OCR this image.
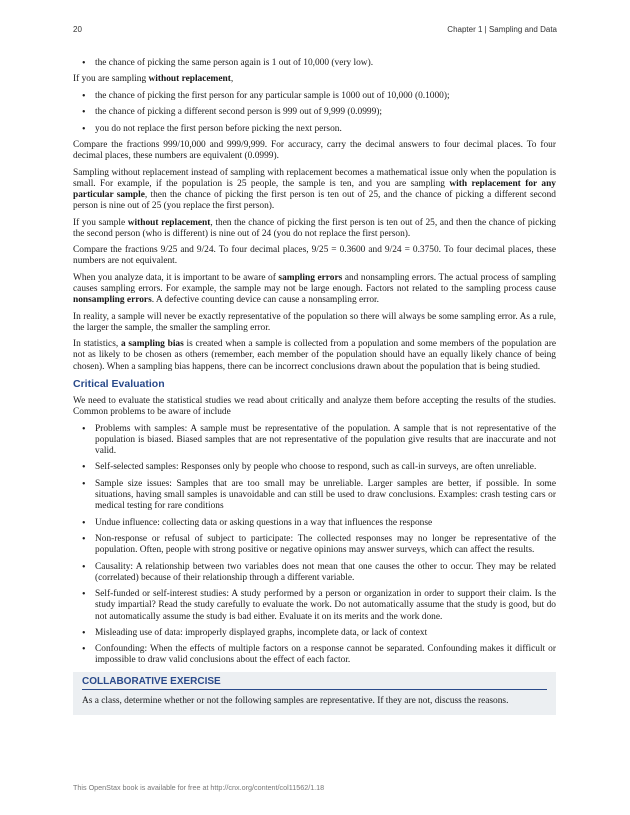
20	Chapter 1 | Sampling and Data
• the chance of picking the same person again is 1 out of 10,000 (very low).

If you are sampling without replacement,

• the chance of picking the first person for any particular sample is 1000 out of 10,000 (0.1000);
• the chance of picking a different second person is 999 out of 9,999 (0.0999);
• you do not replace the first person before picking the next person.

Compare the fractions 999/10,000 and 999/9,999. For accuracy, carry the decimal answers to four decimal places. To four decimal places, these numbers are equivalent (0.0999).

Sampling without replacement instead of sampling with replacement becomes a mathematical issue only when the population is small. For example, if the population is 25 people, the sample is ten, and you are sampling with replacement for any particular sample, then the chance of picking the first person is ten out of 25, and the chance of picking a different second person is nine out of 25 (you replace the first person).

If you sample without replacement, then the chance of picking the first person is ten out of 25, and then the chance of picking the second person (who is different) is nine out of 24 (you do not replace the first person).

Compare the fractions 9/25 and 9/24. To four decimal places, 9/25 = 0.3600 and 9/24 = 0.3750. To four decimal places, these numbers are not equivalent.

When you analyze data, it is important to be aware of sampling errors and nonsampling errors. The actual process of sampling causes sampling errors. For example, the sample may not be large enough. Factors not related to the sampling process cause nonsampling errors. A defective counting device can cause a nonsampling error.

In reality, a sample will never be exactly representative of the population so there will always be some sampling error. As a rule, the larger the sample, the smaller the sampling error.

In statistics, a sampling bias is created when a sample is collected from a population and some members of the population are not as likely to be chosen as others (remember, each member of the population should have an equally likely chance of being chosen). When a sampling bias happens, there can be incorrect conclusions drawn about the population that is being studied.

Critical Evaluation

We need to evaluate the statistical studies we read about critically and analyze them before accepting the results of the studies. Common problems to be aware of include

• Problems with samples: A sample must be representative of the population. A sample that is not representative of the population is biased. Biased samples that are not representative of the population give results that are inaccurate and not valid.
• Self-selected samples: Responses only by people who choose to respond, such as call-in surveys, are often unreliable.
• Sample size issues: Samples that are too small may be unreliable. Larger samples are better, if possible. In some situations, having small samples is unavoidable and can still be used to draw conclusions. Examples: crash testing cars or medical testing for rare conditions
• Undue influence: collecting data or asking questions in a way that influences the response
• Non-response or refusal of subject to participate: The collected responses may no longer be representative of the population. Often, people with strong positive or negative opinions may answer surveys, which can affect the results.
• Causality: A relationship between two variables does not mean that one causes the other to occur. They may be related (correlated) because of their relationship through a different variable.
• Self-funded or self-interest studies: A study performed by a person or organization in order to support their claim. Is the study impartial? Read the study carefully to evaluate the work. Do not automatically assume that the study is good, but do not automatically assume the study is bad either. Evaluate it on its merits and the work done.
• Misleading use of data: improperly displayed graphs, incomplete data, or lack of context
• Confounding: When the effects of multiple factors on a response cannot be separated. Confounding makes it difficult or impossible to draw valid conclusions about the effect of each factor.
COLLABORATIVE EXERCISE

As a class, determine whether or not the following samples are representative. If they are not, discuss the reasons.

This OpenStax book is available for free at http://cnx.org/content/col11562/1.18
